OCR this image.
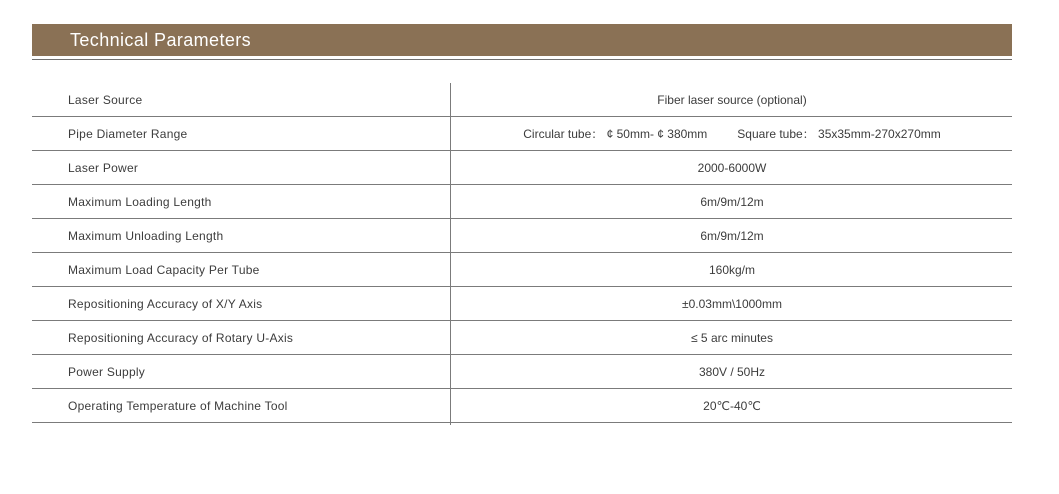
Technical Parameters
Laser Source	Fiber laser source (optional)
Pipe Diameter Range	Circular tube： ¢ 50mm- ¢ 380mm	Square tube： 35x35mm-270x270mm
Laser Power	2000-6000W
Maximum Loading Length	6m/9m/12m
Maximum Unloading Length	6m/9m/12m
Maximum Load Capacity Per Tube	160kg/m
Repositioning Accuracy of X/Y Axis	±0.03mm\1000mm
Repositioning Accuracy of Rotary U-Axis	≤ 5 arc minutes
Power Supply	380V / 50Hz
Operating Temperature of Machine Tool	20℃-40℃
